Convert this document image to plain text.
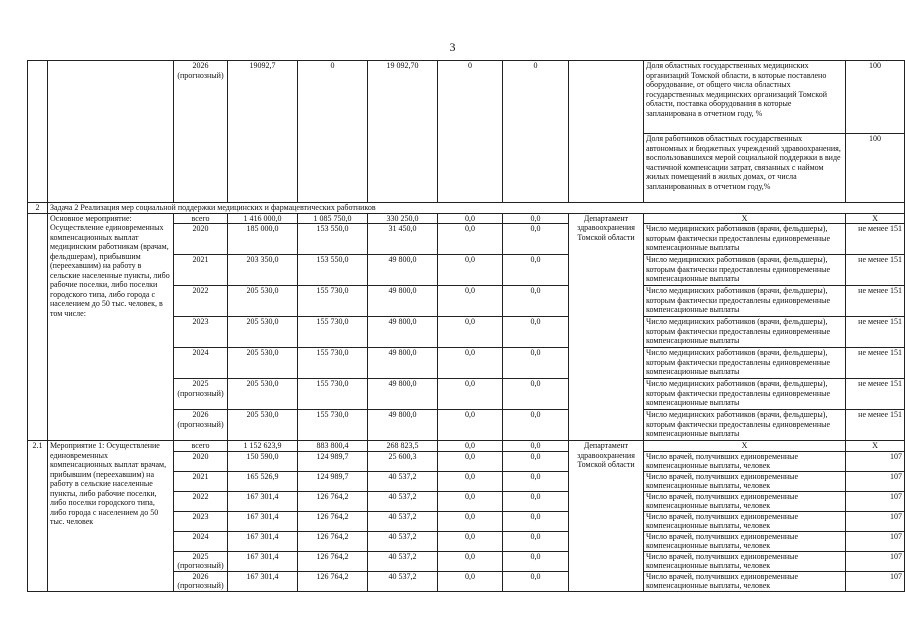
3
		2026
(прогнозный)	19092,7	0	19 092,70	0	0		Доля областных государственных медицинских организаций Томской области, в которые поставлено оборудование, от общего числа областных государственных медицинских организаций Томской области, поставка оборудования в которые запланирована в отчетном году, %	100
									Доля работников областных государственных автономных и бюджетных учреждений здравоохранения, воспользовавшихся мерой социальной поддержки в виде частичной компенсации затрат, связанных с наймом жилых помещений в жилых домах, от числа запланированных в отчетном году,%	100
2	Задача 2 Реализация мер социальной поддержки медицинских и фармацевтических работников									
	Основное мероприятие: Осуществление единовременных компенсационных выплат медицинским работникам (врачам, фельдшерам), прибывшим (переехавшим) на работу в сельские населенные пункты, либо рабочие поселки, либо поселки городского типа, либо города с населением до 50 тыс. человек, в том числе:	всего	1 416 000,0	1 085 750,0	330 250,0	0,0	0,0	Департамент здравоохранения Томской области	Х	Х
		2020	185 000,0	153 550,0	31 450,0	0,0	0,0		Число медицинских работников (врачи, фельдшеры), которым фактически предоставлены единовременные компенсационные выплаты	не менее 151
		2021	203 350,0	153 550,0	49 800,0	0,0	0,0		Число медицинских работников (врачи, фельдшеры), которым фактически предоставлены единовременные компенсационные выплаты	не менее 151
		2022	205 530,0	155 730,0	49 800,0	0,0	0,0		Число медицинских работников (врачи, фельдшеры), которым фактически предоставлены единовременные компенсационные выплаты	не менее 151
		2023	205 530,0	155 730,0	49 800,0	0,0	0,0		Число медицинских работников (врачи, фельдшеры), которым фактически предоставлены единовременные компенсационные выплаты	не менее 151
		2024	205 530,0	155 730,0	49 800,0	0,0	0,0		Число медицинских работников (врачи, фельдшеры), которым фактически предоставлены единовременные компенсационные выплаты	не менее 151
		2025
(прогнозный)	205 530,0	155 730,0	49 800,0	0,0	0,0		Число медицинских работников (врачи, фельдшеры), которым фактически предоставлены единовременные компенсационные выплаты	не менее 151
		2026
(прогнозный)	205 530,0	155 730,0	49 800,0	0,0	0,0		Число медицинских работников (врачи, фельдшеры), которым фактически предоставлены единовременные компенсационные выплаты	не менее 151
2.1	Мероприятие 1: Осуществление единовременных компенсационных выплат врачам, прибывшим (переехавшим) на работу в сельские населенные пункты, либо рабочие поселки, либо поселки городского типа, либо города с населением до 50 тыс. человек	всего	1 152 623,9	883 800,4	268 823,5	0,0	0,0	Департамент здравоохранения Томской области	Х	Х
		2020	150 590,0	124 989,7	25 600,3	0,0	0,0		Число врачей, получивших единовременные компенсационные выплаты, человек	107
		2021	165 526,9	124 989,7	40 537,2	0,0	0,0		Число врачей, получивших единовременные компенсационные выплаты, человек	107
		2022	167 301,4	126 764,2	40 537,2	0,0	0,0		Число врачей, получивших единовременные компенсационные выплаты, человек	107
		2023	167 301,4	126 764,2	40 537,2	0,0	0,0		Число врачей, получивших единовременные компенсационные выплаты, человек	107
		2024	167 301,4	126 764,2	40 537,2	0,0	0,0		Число врачей, получивших единовременные компенсационные выплаты, человек	107
		2025
(прогнозный)	167 301,4	126 764,2	40 537,2	0,0	0,0		Число врачей, получивших единовременные компенсационные выплаты, человек	107
		2026
(прогнозный)	167 301,4	126 764,2	40 537,2	0,0	0,0		Число врачей, получивших единовременные компенсационные выплаты, человек	107
